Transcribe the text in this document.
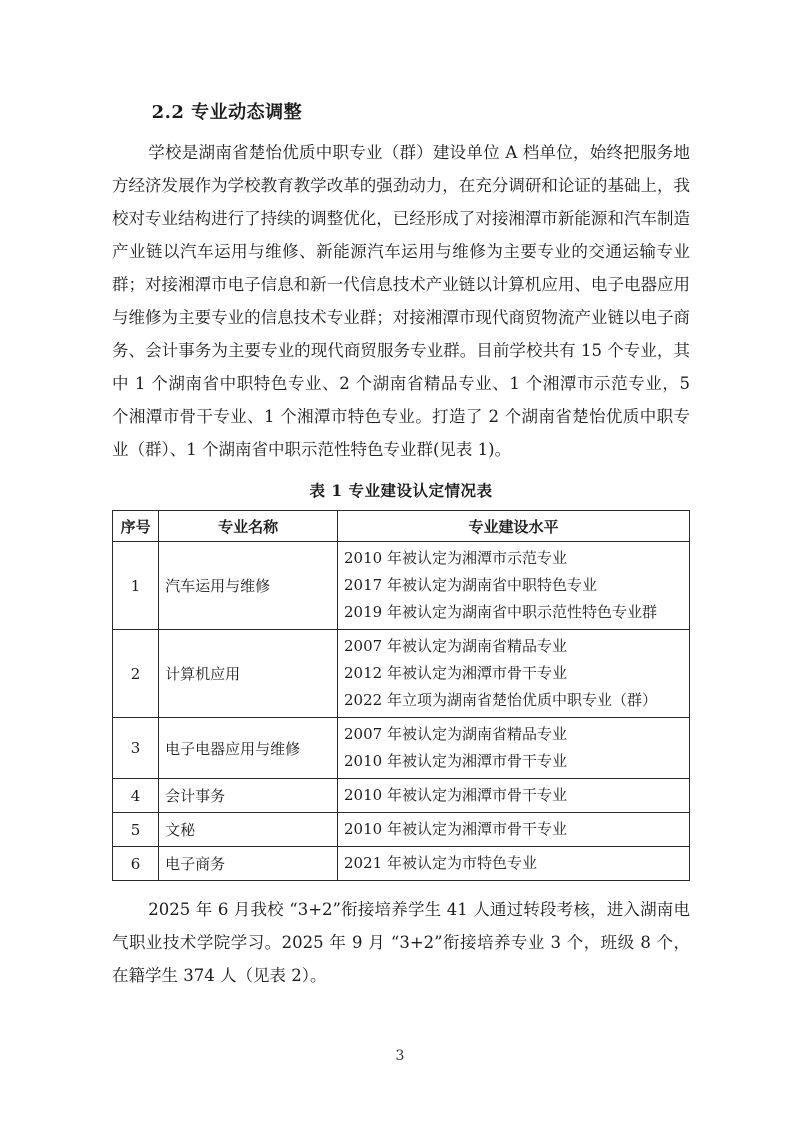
2.2 专业动态调整
学校是湖南省楚怡优质中职专业（群）建设单位 A 档单位，始终把服务地方经济发展作为学校教育教学改革的强劲动力，在充分调研和论证的基础上，我校对专业结构进行了持续的调整优化，已经形成了对接湘潭市新能源和汽车制造产业链以汽车运用与维修、新能源汽车运用与维修为主要专业的交通运输专业群；对接湘潭市电子信息和新一代信息技术产业链以计算机应用、电子电器应用与维修为主要专业的信息技术专业群；对接湘潭市现代商贸物流产业链以电子商务、会计事务为主要专业的现代商贸服务专业群。目前学校共有 15 个专业，其中 1 个湖南省中职特色专业、2 个湖南省精品专业、1 个湘潭市示范专业，5 个湘潭市骨干专业、1 个湘潭市特色专业。打造了 2 个湖南省楚怡优质中职专业（群）、1 个湖南省中职示范性特色专业群(见表 1)。
表 1 专业建设认定情况表
序号	专业名称	专业建设水平
1	汽车运用与维修	2010 年被认定为湘潭市示范专业
2017 年被认定为湖南省中职特色专业
2019 年被认定为湖南省中职示范性特色专业群

2	计算机应用	2007 年被认定为湖南省精品专业
2012 年被认定为湘潭市骨干专业
2022 年立项为湖南省楚怡优质中职专业（群）

3	电子电器应用与维修	2007 年被认定为湖南省精品专业
2010 年被认定为湘潭市骨干专业

4	会计事务	2010 年被认定为湘潭市骨干专业

5	文秘	2010 年被认定为湘潭市骨干专业

6	电子商务	2021 年被认定为市特色专业
2025 年 6 月我校 “3+2”衔接培养学生 41 人通过转段考核，进入湖南电气职业技术学院学习。2025 年 9 月 “3+2”衔接培养专业 3 个，班级 8 个，在籍学生 374 人（见表 2）。
3
